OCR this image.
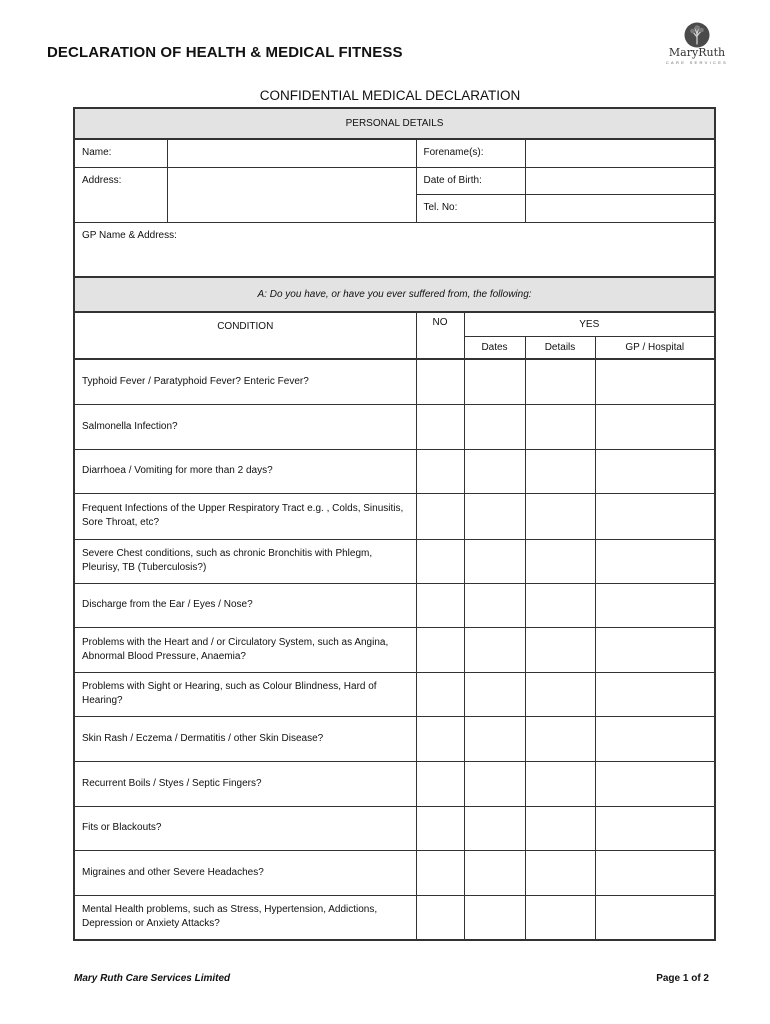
DECLARATION OF HEALTH & MEDICAL FITNESS	MaryRuth
CARE SERVICES
CONFIDENTIAL MEDICAL DECLARATION
PERSONAL DETAILS					
Name:		Forename(s):			
Address:		Date of Birth:			
		Tel. No:			
GP Name & Address:					
A: Do you have, or have you ever suffered from, the following:					
CONDITION		NO	YES		
			Dates	Details	GP / Hospital
Typhoid Fever / Paratyphoid Fever? Enteric Fever?					
Salmonella Infection?					
Diarrhoea / Vomiting for more than 2 days?					
Frequent Infections of the Upper Respiratory Tract e.g. , Colds, Sinusitis, Sore Throat, etc?					
Severe Chest conditions, such as chronic Bronchitis with Phlegm, Pleurisy, TB (Tuberculosis?)					
Discharge from the Ear / Eyes / Nose?					
Problems with the Heart and / or Circulatory System, such as Angina, Abnormal Blood Pressure, Anaemia?					
Problems with Sight or Hearing, such as Colour Blindness, Hard of Hearing?					
Skin Rash / Eczema / Dermatitis / other Skin Disease?					
Recurrent Boils / Styes / Septic Fingers?					
Fits or Blackouts?					
Migraines and other Severe Headaches?					
Mental Health problems, such as Stress, Hypertension, Addictions, Depression or Anxiety Attacks?					
Mary Ruth Care Services Limited	Page 1 of 2
